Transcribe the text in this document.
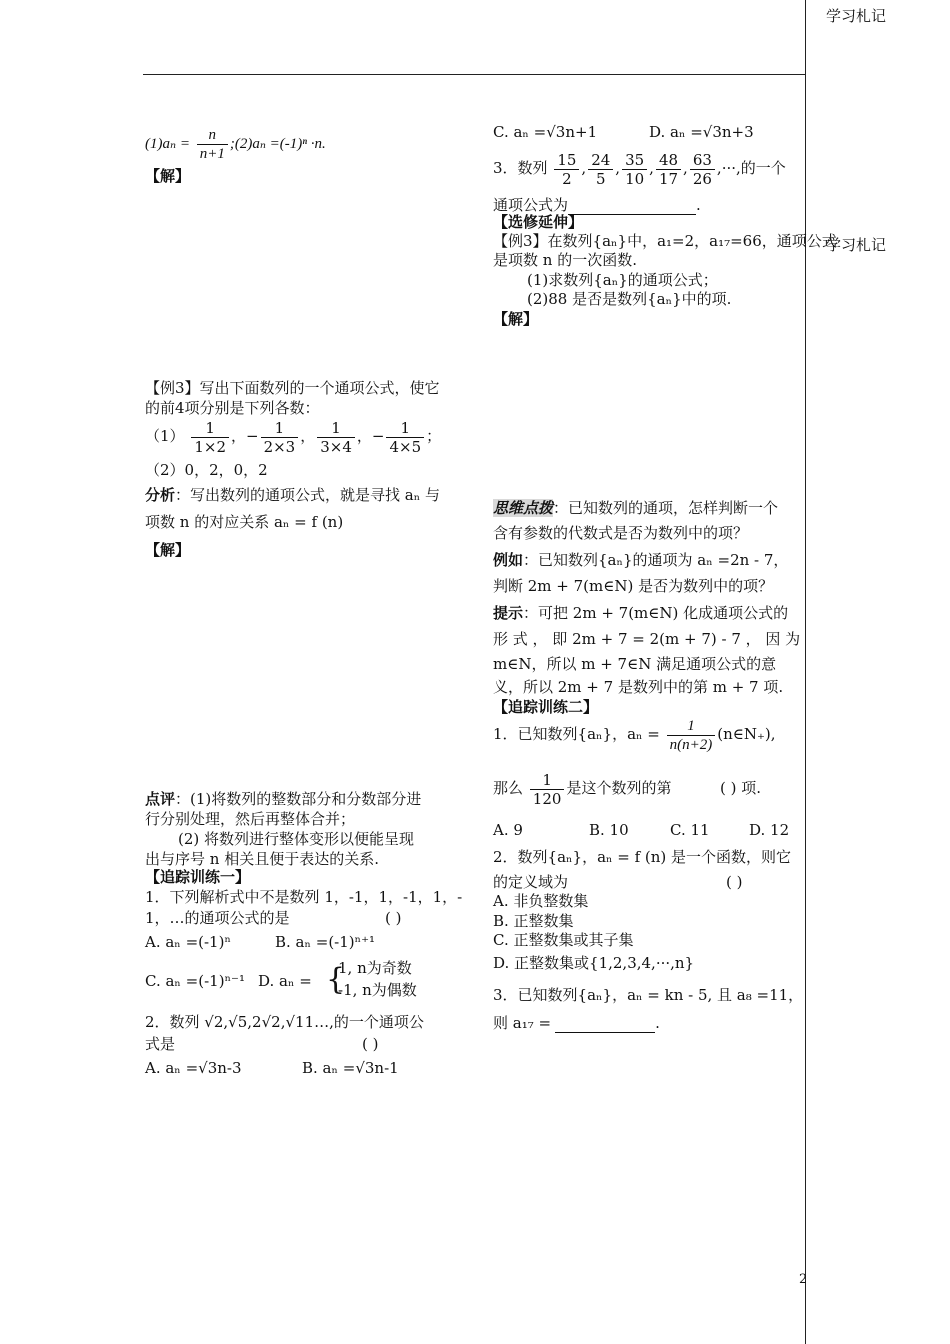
学习札记
学习札记
2
$(1)a_n = \frac{n}{n+1}$ ;(2)aₙ =(-1)ⁿ ·n.
【解】
【例3】写出下面数列的一个通项公式，使它
的前4项分别是下列各数：
$(1) \frac{1}{1\times 2}$ ，− $\frac{1}{2\times 3}$ ， $\frac{1}{3\times 4}$ ，− $\frac{1}{4\times 5}$ ；
（2）0，2，0，2
分析：写出数列的通项公式，就是寻找 aₙ 与
项数 n 的对应关系 aₙ = f (n)
【解】
点评：(1)将数列的整数部分和分数部分进
行分别处理，然后再整体合并；
(2) 将数列进行整体变形以便能呈现
出与序号 n 相关且便于表达的关系.
【追踪训练一】
1．下列解析式中不是数列 1，-1，1，-1，1，-
1，…的通项公式的是	( )
A. aₙ =(-1)ⁿ	B. aₙ =(-1)ⁿ⁺¹
C. aₙ =(-1)ⁿ⁻¹ D. aₙ = {
1, n为奇数
-1, n为偶数
2．数列 √2,√5,2√2,√11…,的一个通项公
式是	( )
A. aₙ =√3n-3	B. aₙ =√3n-1
C. aₙ =√3n+1	D. aₙ =√3n+3
3．数列 $\frac{15}{2}$ , $\frac{24}{5}$ , $\frac{35}{10}$ , $\frac{48}{17}$ , $\frac{63}{26}$ ,···,的一个
通项公式为	.
【选修延伸】
【例3】在数列{aₙ}中，a₁=2，a₁₇=66，通项公式
是项数 n 的一次函数.
(1)求数列{aₙ}的通项公式；
(2)88 是否是数列{aₙ}中的项.
【解】
思维点拨：已知数列的通项，怎样判断一个
含有参数的代数式是否为数列中的项？
例如：已知数列{aₙ}的通项为 aₙ =2n - 7，
判断 2m + 7(m∈N) 是否为数列中的项？
提示：可把 2m + 7(m∈N) 化成通项公式的
形 式 ， 即 2m + 7 = 2(m + 7) - 7 ， 因 为
m∈N，所以 m + 7∈N 满足通项公式的意
义，所以 2m + 7 是数列中的第 m + 7 项.
【追踪训练二】
1．已知数列{aₙ}，$a_n = \frac{1}{n(n+2)}$ (n∈N₊),
那么 $\frac{1}{120}$ 是这个数列的第	( ) 项.
A. 9	B. 10	C. 11	D. 12
2．数列{aₙ}，aₙ = f (n) 是一个函数，则它
的定义域为	( )
A. 非负整数集
B. 正整数集
C. 正整数集或其子集
D. 正整数集或{1,2,3,4,···,n}
3．已知数列{aₙ}，aₙ = kn - 5, 且 a₈ =11，
则 a₁₇ =	.
